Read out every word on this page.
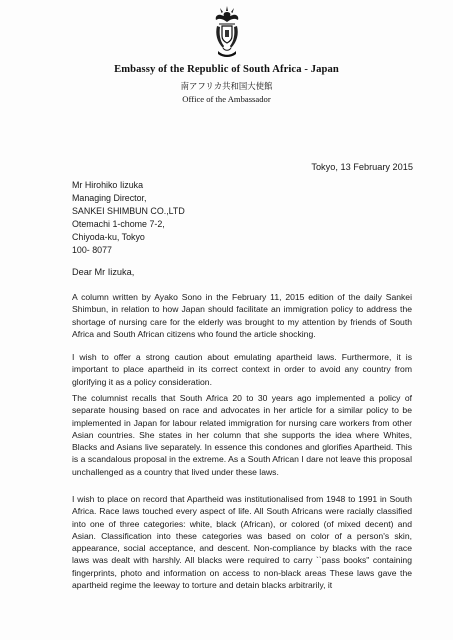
Embassy of the Republic of South Africa - Japan
南アフリカ共和国大使館
Office of the Ambassador
Tokyo, 13 February 2015
Mr Hirohiko Iizuka
Managing Director,
SANKEI SHIMBUN CO.,LTD
Otemachi 1-chome 7-2,
Chiyoda-ku, Tokyo
100- 8077
Dear Mr Iizuka,

A column written by Ayako Sono in the February 11, 2015 edition of the daily Sankei Shimbun, in relation to how Japan should facilitate an immigration policy to address the shortage of nursing care for the elderly was brought to my attention by friends of South Africa and South African citizens who found the article shocking.

I wish to offer a strong caution about emulating apartheid laws. Furthermore, it is important to place apartheid in its correct context in order to avoid any country from glorifying it as a policy consideration.

The columnist recalls that South Africa 20 to 30 years ago implemented a policy of separate housing based on race and advocates in her article for a similar policy to be implemented in Japan for labour related immigration for nursing care workers from other Asian countries. She states in her column that she supports the idea where Whites, Blacks and Asians live separately. In essence this condones and glorifies Apartheid. This is a scandalous proposal in the extreme. As a South African I dare not leave this proposal unchallenged as a country that lived under these laws.

I wish to place on record that Apartheid was institutionalised from 1948 to 1991 in South Africa. Race laws touched every aspect of life. All South Africans were racially classified into one of three categories: white, black (African), or colored (of mixed decent) and Asian. Classification into these categories was based on color of a person's skin, appearance, social acceptance, and descent. Non-compliance by blacks with the race laws was dealt with harshly. All blacks were required to carry ``pass books" containing fingerprints, photo and information on access to non-black areas These laws gave the apartheid regime the leeway to torture and detain blacks arbitrarily, it
